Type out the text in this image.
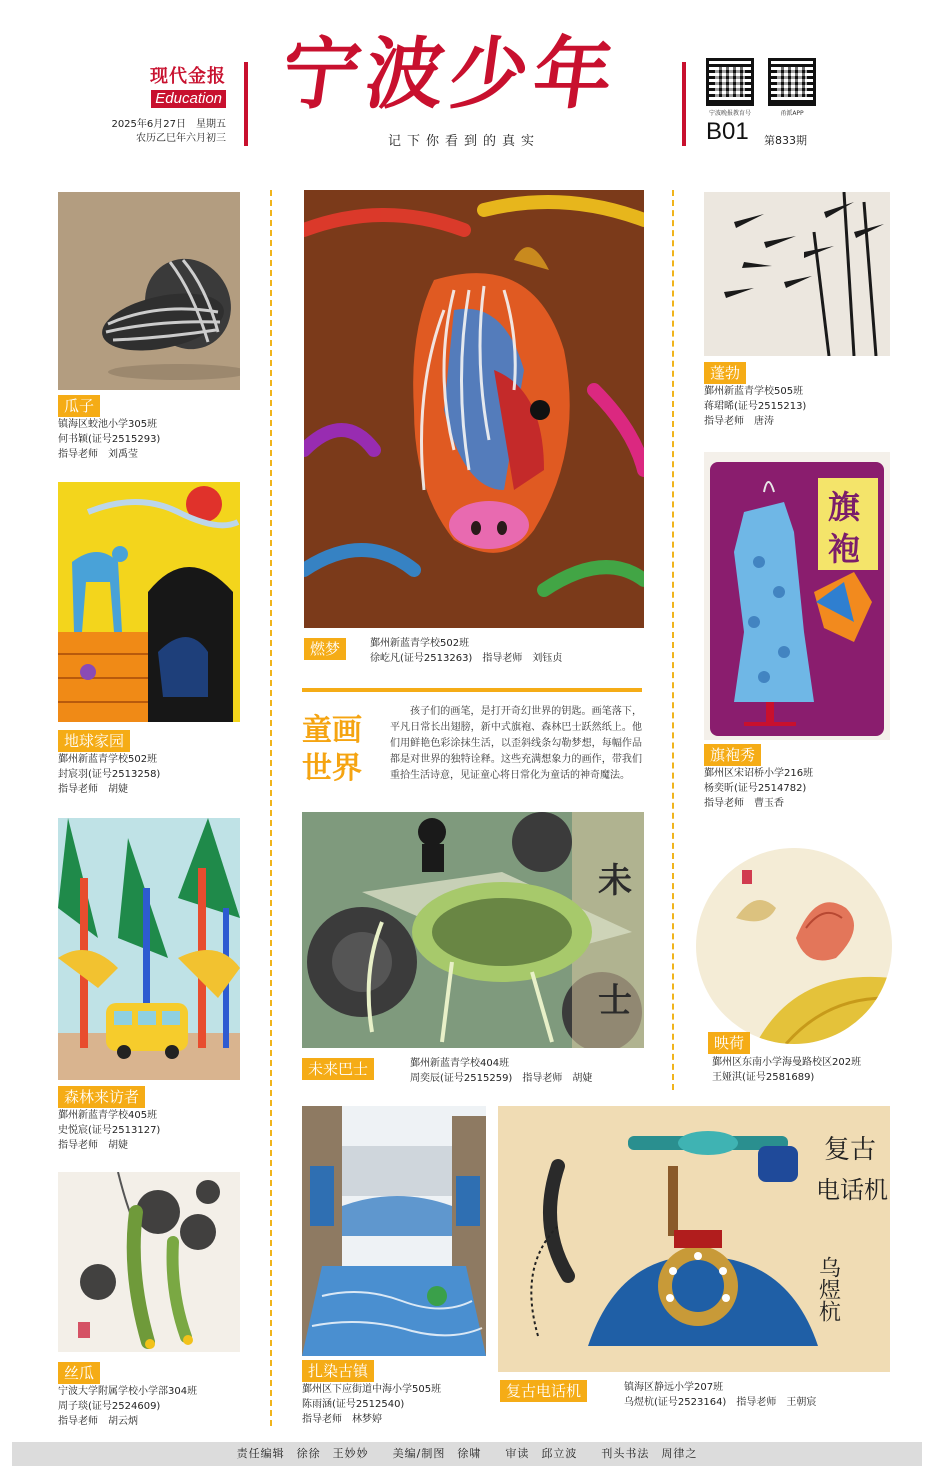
现代金报
Education
2025年6月27日　星期五
农历乙巳年六月初三
宁波少年
记下你看到的真实
宁波晚报教育号	甬派APP
B01 第833期
瓜子
镇海区蛟池小学305班
何书颖(证号2515293)
指导老师　刘禹莹
地球家园
鄞州新蓝青学校502班
封宸羽(证号2513258)
指导老师　胡婕
森林来访者
鄞州新蓝青学校405班
史悦宸(证号2513127)
指导老师　胡婕
丝瓜
宁波大学附属学校小学部304班
周子琰(证号2524609)
指导老师　胡云炳
燃梦	鄞州新蓝青学校502班
徐屹凡(证号2513263)　指导老师　刘钰贞
童画世界
孩子们的画笔，是打开奇幻世界的钥匙。画笔落下，平凡日常长出翅膀，新中式旗袍、森林巴士跃然纸上。他们用鲜艳色彩涂抹生活，以歪斜线条勾勒梦想，每幅作品都是对世界的独特诠释。这些充满想象力的画作，带我们重拾生活诗意，见证童心将日常化为童话的神奇魔法。
未
士
未来巴士	鄞州新蓝青学校404班
周奕辰(证号2515259)　指导老师　胡婕
扎染古镇
鄞州区下应街道中海小学505班
陈雨涵(证号2512540)
指导老师　林梦婷
复古
电话机
乌煜杭
复古电话机	镇海区静远小学207班
乌煜杭(证号2523164)　指导老师　王朝宸
蓬勃
鄞州新蓝青学校505班
蒋珺晞(证号2515213)
指导老师　唐涛
旗
袍
旗袍秀
鄞州区宋诏桥小学216班
杨奕昕(证号2514782)
指导老师　曹玉香
映荷
鄞州区东南小学海曼路校区202班
王娅淇(证号2581689)
责任编辑　徐徐　王妙妙　　美编/制图　徐啸　　审读　邱立波　　刊头书法　周律之
